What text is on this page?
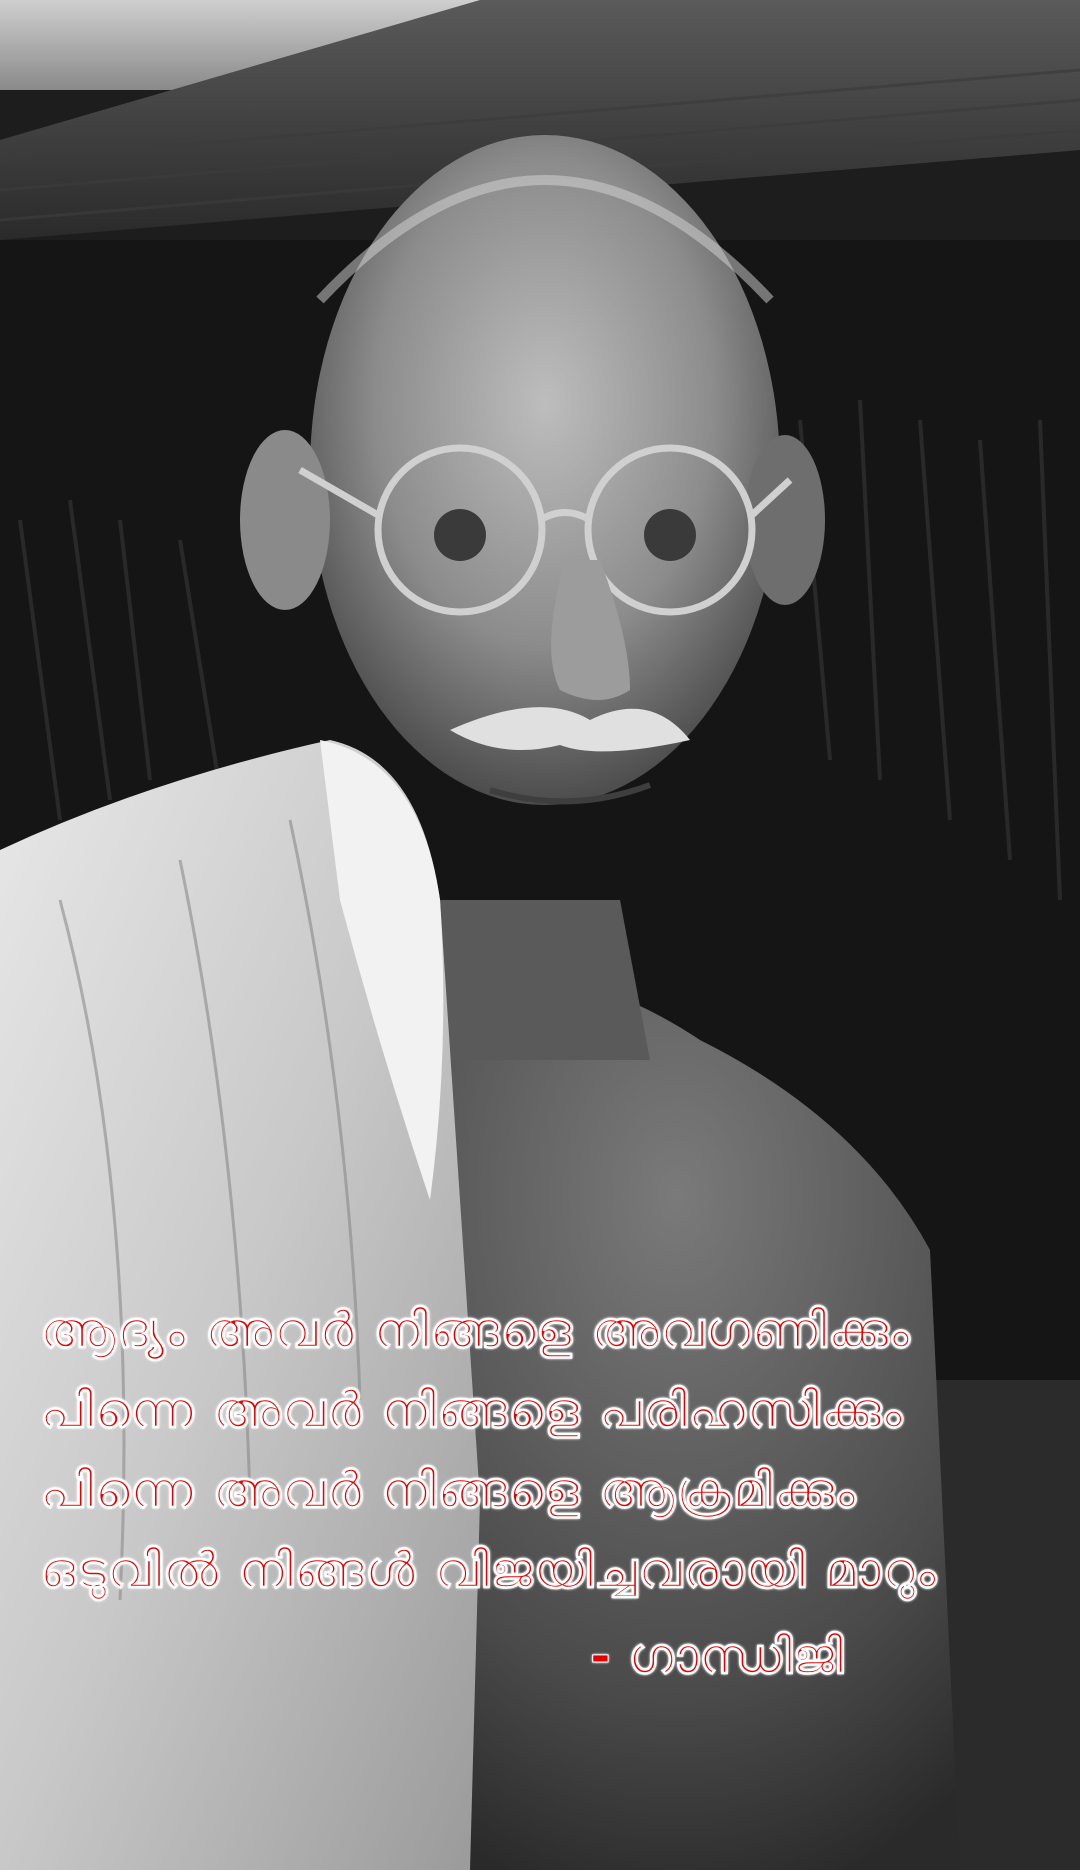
ആദ്യം അവർ നിങ്ങളെ അവഗണിക്കും
പിന്നെ അവർ നിങ്ങളെ പരിഹസിക്കും
പിന്നെ അവർ നിങ്ങളെ ആക്രമിക്കും
ഒടുവിൽ നിങ്ങൾ വിജയിച്ചവരായി മാറും
- ഗാന്ധിജി
